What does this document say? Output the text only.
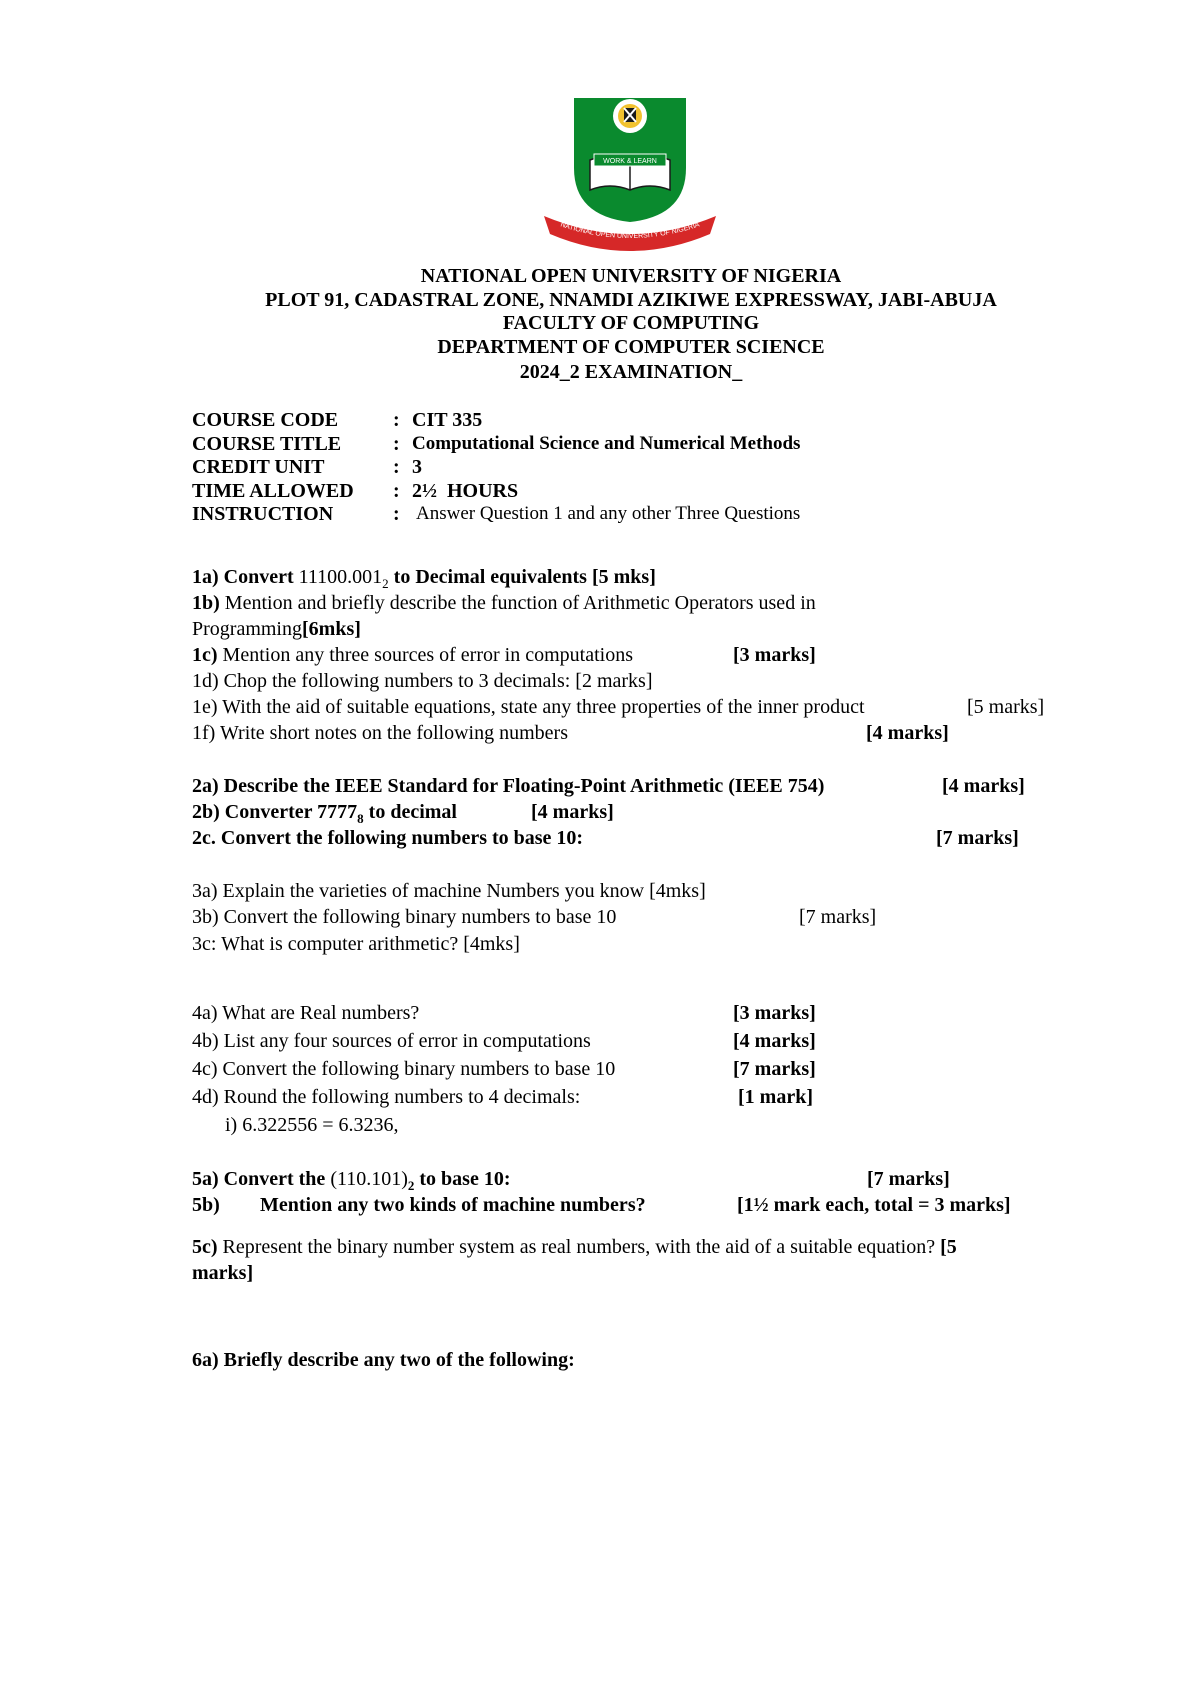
WORK & LEARN
NATIONAL OPEN UNIVERSITY OF NIGERIA
NATIONAL OPEN UNIVERSITY OF NIGERIA
PLOT 91, CADASTRAL ZONE, NNAMDI AZIKIWE EXPRESSWAY, JABI-ABUJA
FACULTY OF COMPUTING
DEPARTMENT OF COMPUTER SCIENCE
2024_2 EXAMINATION_
COURSE CODE	: CIT 335
COURSE TITLE	: Computational Science and Numerical Methods
CREDIT UNIT	: 3
TIME ALLOWED : 2½  HOURS
INSTRUCTION	: Answer Question 1 and any other Three Questions
1a) Convert $11100.001_2$ to Decimal equivalents [5 mks]
1b) Mention and briefly describe the function of Arithmetic Operators used in
Programming[6mks]
1c) Mention any three sources of error in computations	[3 marks]
1d) Chop the following numbers to 3 decimals: [2 marks]
1e) With the aid of suitable equations, state any three properties of the inner product	[5 marks]
1f) Write short notes on the following numbers	[4 marks]
2a) Describe the IEEE Standard for Floating-Point Arithmetic (IEEE 754)	[4 marks]
2b) Converter $7777_8$ to decimal	[4 marks]
2c. Convert the following numbers to base 10:	[7 marks]
3a) Explain the varieties of machine Numbers you know [4mks]
3b) Convert the following binary numbers to base 10	[7 marks]
3c: What is computer arithmetic? [4mks]
4a) What are Real numbers?	[3 marks]
4b) List any four sources of error in computations	[4 marks]
4c) Convert the following binary numbers to base 10	[7 marks]
4d) Round the following numbers to 4 decimals:	[1 mark]
i) 6.322556 = 6.3236,
5a) Convert the $(110.101)_2$ to base 10:	[7 marks]
5b) Mention any two kinds of machine numbers?	[1½ mark each, total = 3 marks]
5c) Represent the binary number system as real numbers, with the aid of a suitable equation? [5
marks]
6a) Briefly describe any two of the following:
